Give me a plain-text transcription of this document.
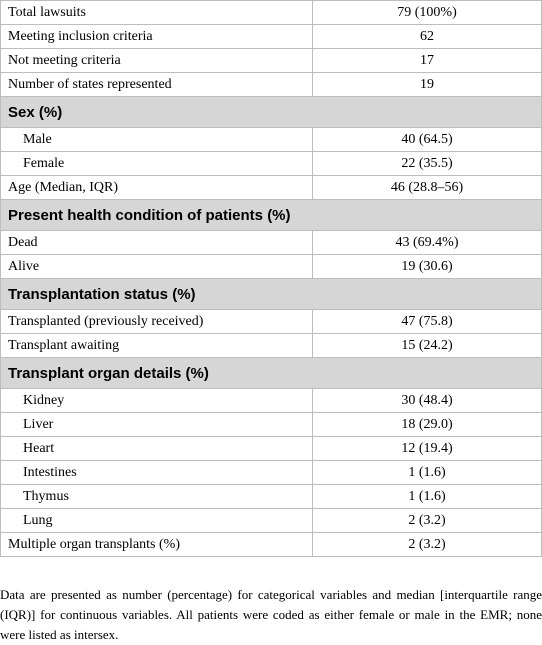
Total lawsuits	79 (100%)
Meeting inclusion criteria	62
Not meeting criteria	17
Number of states represented	19
Sex (%)	
Male	40 (64.5)
Female	22 (35.5)
Age (Median, IQR)	46 (28.8–56)
Present health condition of patients (%)	
Dead	43 (69.4%)
Alive	19 (30.6)
Transplantation status (%)	
Transplanted (previously received)	47 (75.8)
Transplant awaiting	15 (24.2)
Transplant organ details (%)	
Kidney	30 (48.4)
Liver	18 (29.0)
Heart	12 (19.4)
Intestines	1 (1.6)
Thymus	1 (1.6)
Lung	2 (3.2)
Multiple organ transplants (%)	2 (3.2)
Data are presented as number (percentage) for categorical variables and median [interquartile range (IQR)] for continuous variables. All patients were coded as either female or male in the EMR; none were listed as intersex.
